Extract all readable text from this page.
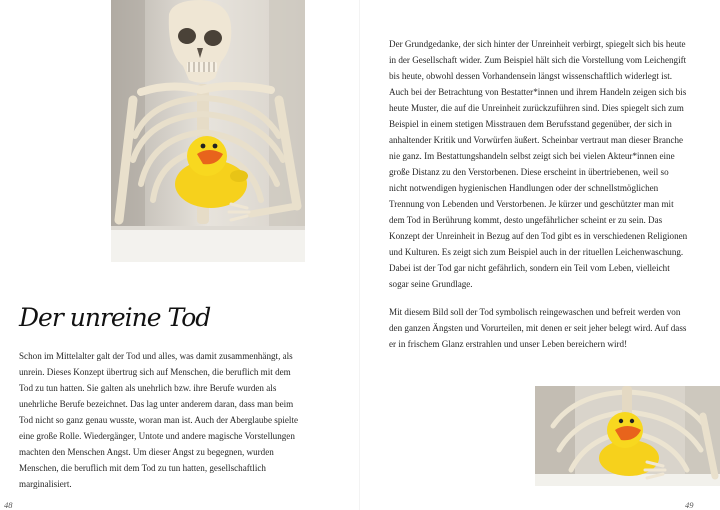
Der unreine Tod

Schon im Mittelalter galt der Tod und alles, was damit zusammenhängt, als unrein. Dieses Konzept übertrug sich auf Menschen, die beruflich mit dem Tod zu tun hatten. Sie galten als unehrlich bzw. ihre Berufe wurden als unehrliche Berufe bezeichnet. Das lag unter anderem daran, dass man beim Tod nicht so ganz genau wusste, woran man ist. Auch der Aberglaube spielte eine große Rolle. Wiedergänger, Untote und andere magische Vorstellungen machten den Menschen Angst. Um dieser Angst zu begegnen, wurden Menschen, die beruflich mit dem Tod zu tun hatten, gesellschaftlich marginalisiert.

48

Der Grundgedanke, der sich hinter der Unreinheit verbirgt, spiegelt sich bis heute in der Gesellschaft wider. Zum Beispiel hält sich die Vorstellung vom Leichengift bis heute, obwohl dessen Vorhandensein längst wissenschaftlich widerlegt ist. Auch bei der Betrachtung von Bestatter*innen und ihrem Handeln zeigen sich bis heute Muster, die auf die Unreinheit zurückzuführen sind. Dies spiegelt sich zum Beispiel in einem stetigen Misstrauen dem Berufsstand gegenüber, der sich in anhaltender Kritik und Vorwürfen äußert. Scheinbar vertraut man dieser Branche nie ganz. Im Bestattungshandeln selbst zeigt sich bei vielen Akteur*innen eine große Distanz zu den Verstorbenen. Diese erscheint in übertriebenen, weil so nicht notwendigen hygienischen Handlungen oder der schnellstmöglichen Trennung von Lebenden und Verstorbenen. Je kürzer und geschützter man mit dem Tod in Berührung kommt, desto ungefährlicher scheint er zu sein. Das Konzept der Unreinheit in Bezug auf den Tod gibt es in verschiedenen Religionen und Kulturen. Es zeigt sich zum Beispiel auch in der rituellen Leichenwaschung. Dabei ist der Tod gar nicht gefährlich, sondern ein Teil vom Leben, vielleicht sogar seine Grundlage.

Mit diesem Bild soll der Tod symbolisch reingewaschen und befreit werden von den ganzen Ängsten und Vorurteilen, mit denen er seit jeher belegt wird. Auf dass er in frischem Glanz erstrahlen und unser Leben bereichern wird!

49
